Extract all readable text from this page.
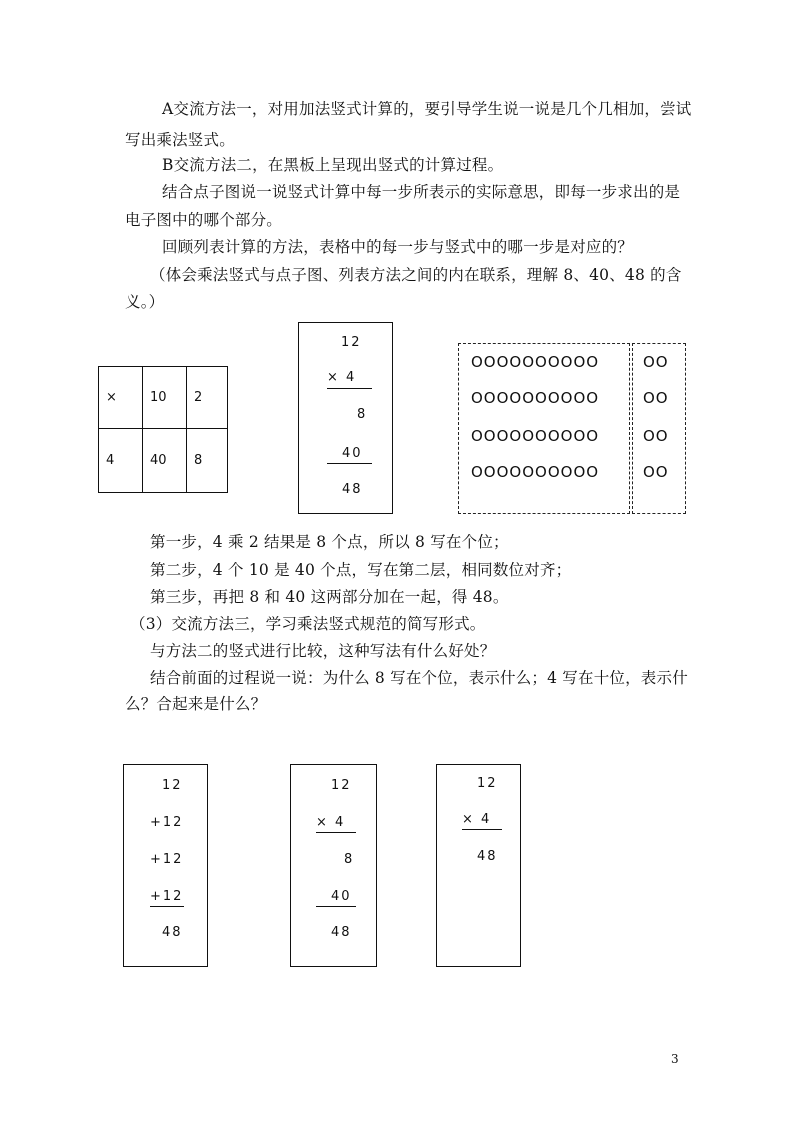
A交流方法一，对用加法竖式计算的，要引导学生说一说是几个几相加，尝试
写出乘法竖式。
B交流方法二，在黑板上呈现出竖式的计算过程。
结合点子图说一说竖式计算中每一步所表示的实际意思，即每一步求出的是
电子图中的哪个部分。
回顾列表计算的方法，表格中的每一步与竖式中的哪一步是对应的？
（体会乘法竖式与点子图、列表方法之间的内在联系，理解 8、40、48 的含
义。）
×	10	2
4	40	8
12
× 4
8
40
48
OOOOOOOOOO
OOOOOOOOOO
OOOOOOOOOO
OOOOOOOOOO
OO
OO
OO
OO
第一步，4 乘 2 结果是 8 个点，所以 8 写在个位；
第二步，4 个 10 是 40 个点，写在第二层，相同数位对齐；
第三步，再把 8 和 40 这两部分加在一起，得 48。
（3）交流方法三，学习乘法竖式规范的简写形式。
与方法二的竖式进行比较，这种写法有什么好处？
结合前面的过程说一说：为什么 8 写在个位，表示什么；4 写在十位，表示什
么？合起来是什么？
12
+12
+12
+12
48
12
× 4
8
40
48
12
× 4
48
3
